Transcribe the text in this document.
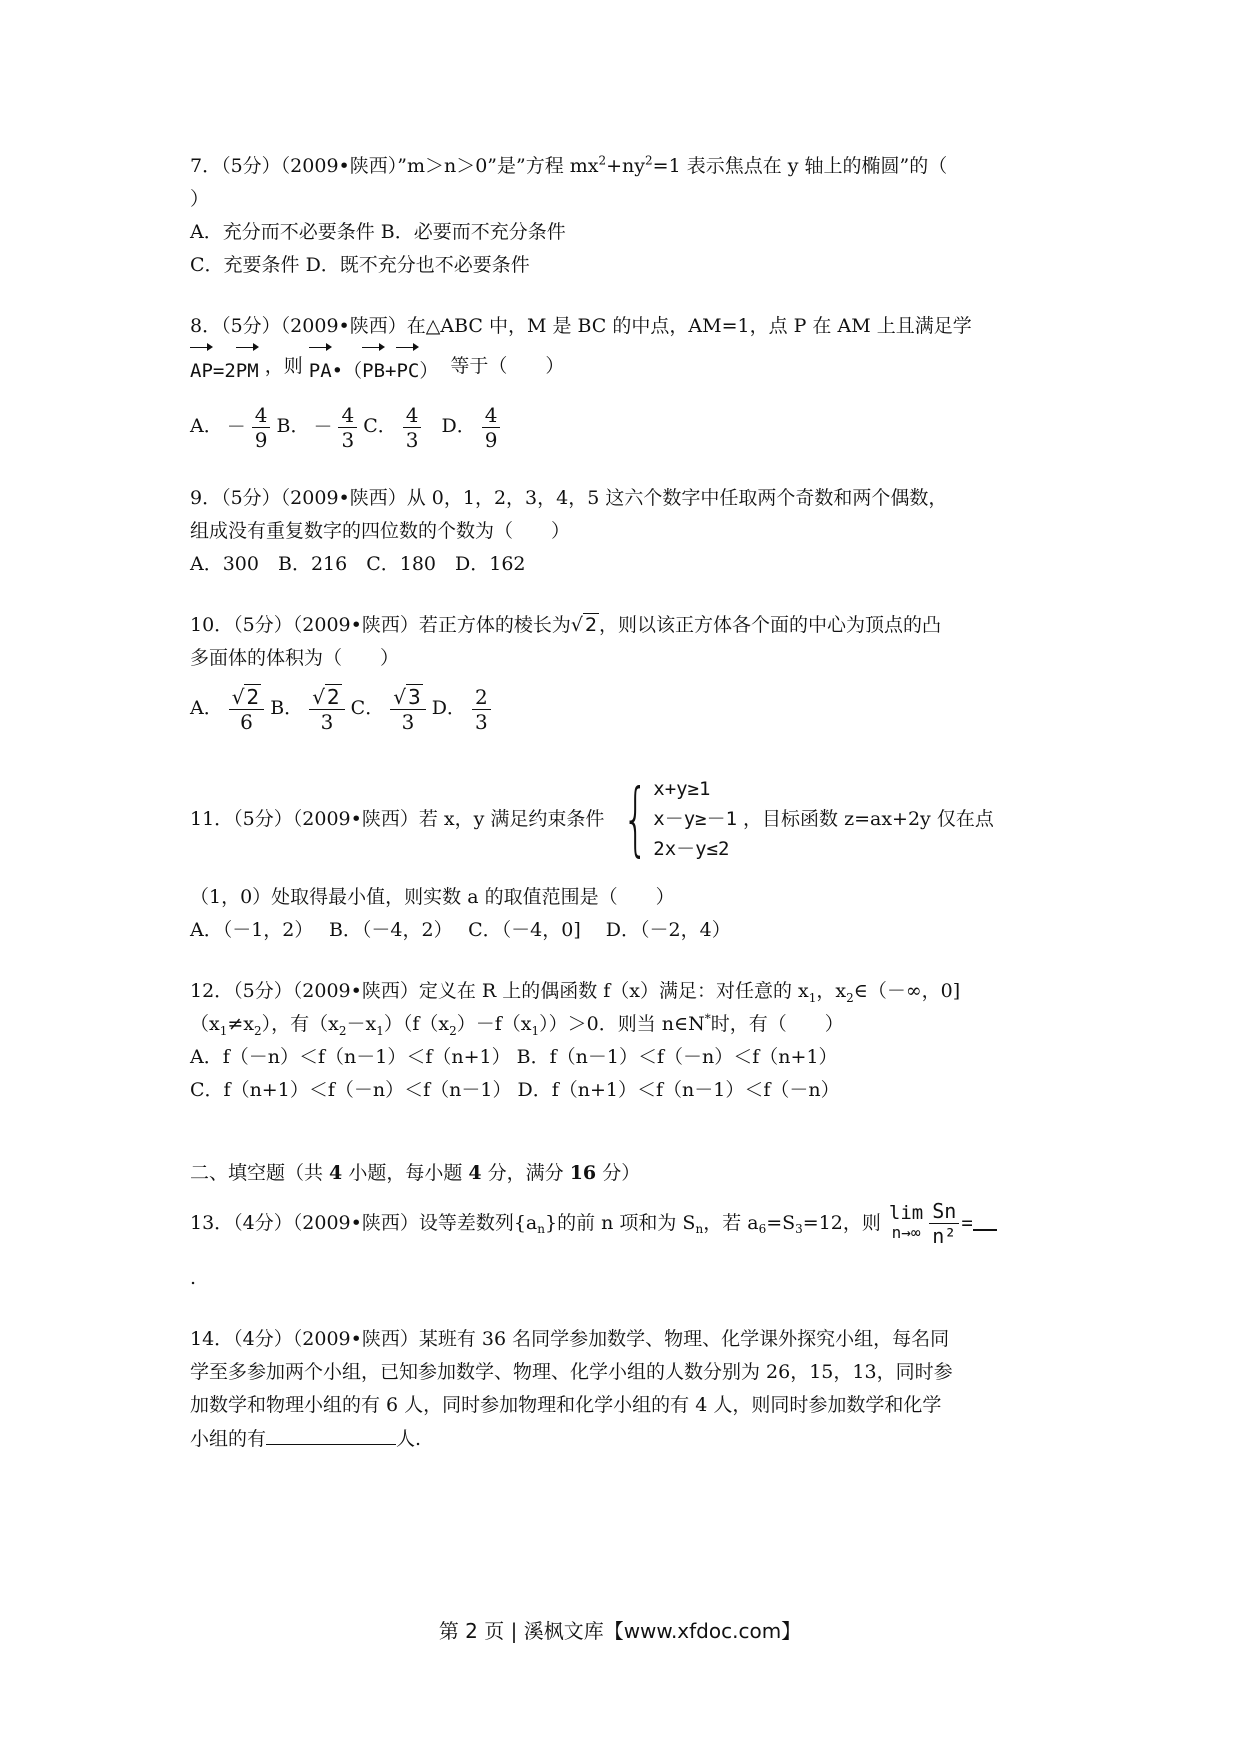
7．（5分）（2009•陕西）”m＞n＞0”是”方程 $mx^2+ny^2=1$ 表示焦点在 y 轴上的椭圆”的（
）
A．充分而不必要条件 B．必要而不充分条件
C．充要条件 D．既不充分也不必要条件
8．（5分）（2009•陕西）在△ABC 中，M 是 BC 的中点，AM=1，点 P 在 AM 上且满足学
AP=2PM ，则 PA•（PB+PC） 等于（　　）
A． － $\frac{4}{9}$ B． － $\frac{4}{3}$ C． $\frac{4}{3}$ D． $\frac{4}{9}$
9．（5分）（2009•陕西）从 0，1，2，3，4，5 这六个数字中任取两个奇数和两个偶数，
组成没有重复数字的四位数的个数为（　　）
A．300　B．216　C．180　D．162
10．（5分）（2009•陕西）若正方体的棱长为√ 2 ，则以该正方体各个面的中心为顶点的凸
多面体的体积为（　　）
A． $\frac{√ 2}{6}$ B． $\frac{√ 2}{3}$ C． $\frac{√ 3}{3}$ D． $\frac{2}{3}$
11．（5分）（2009•陕西）若 x，y 满足约束条件 { x+y≥1
x－y≥－1
2x－y≤2
，目标函数 z=ax+2y 仅在点
（1，0）处取得最小值，则实数 a 的取值范围是（　　）
A．（－1，2）　 B．（－4，2）　 C．（－4，0]　 D．（－2，4）
12．（5分）（2009•陕西）定义在 R 上的偶函数 f（x）满足：对任意的 $x_1$，$x_2\in(-\infty$，0]
$(x_1\ne x_2)$，有$(x_2-x_1)(f(x_2)-f(x_1))>0$．则当 n∈N*时，有（　　）
A．f（－n）＜f（n－1）＜f（n+1） B．f（n－1）＜f（－n）＜f（n+1）
C．f（n+1）＜f（－n）＜f（n－1） D．f（n+1）＜f（n－1）＜f（－n）
二、填空题（共 4 小题，每小题 4 分，满分 16 分）
13．（4分）（2009•陕西）设等差数列{$a_n$ }的前 n 项和为 $S_n$ ，若 $a_6 =S_3 =12$，则 lim
$n\to\infty \frac{Sn}{\text{n²}}$ =
.
14．（4分）（2009•陕西）某班有 36 名同学参加数学、物理、化学课外探究小组，每名同
学至多参加两个小组，已知参加数学、物理、化学小组的人数分别为 26，15，13，同时参
加数学和物理小组的有 6 人，同时参加物理和化学小组的有 4 人，则同时参加数学和化学
小组的有	人.
第 2 页 | 溪枫文库【www.xfdoc.com】
